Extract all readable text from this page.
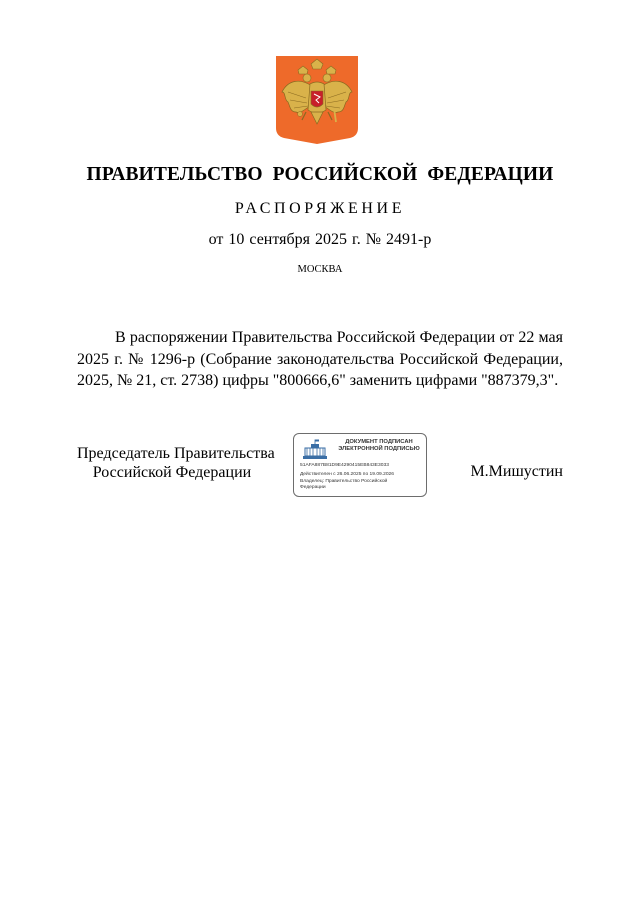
ПРАВИТЕЛЬСТВО РОССИЙСКОЙ ФЕДЕРАЦИИ
РАСПОРЯЖЕНИЕ
от 10 сентября 2025 г. № 2491-р
МОСКВА

В распоряжении Правительства Российской Федерации от 22 мая 2025 г. № 1296-р (Собрание законодательства Российской Федерации, 2025, № 21, ст. 2738) цифры "800666,6" заменить цифрами "887379,3".

Председатель Правительства
Российской Федерации
ДОКУМЕНТ ПОДПИСАН
ЭЛЕКТРОННОЙ ПОДПИСЬЮ
51AFA887B81D9E4290415EB843E3033
Действителен с 26.06.2025 по 19.09.2026
Владелец: Правительство Российской
Федерации
М.Мишустин
